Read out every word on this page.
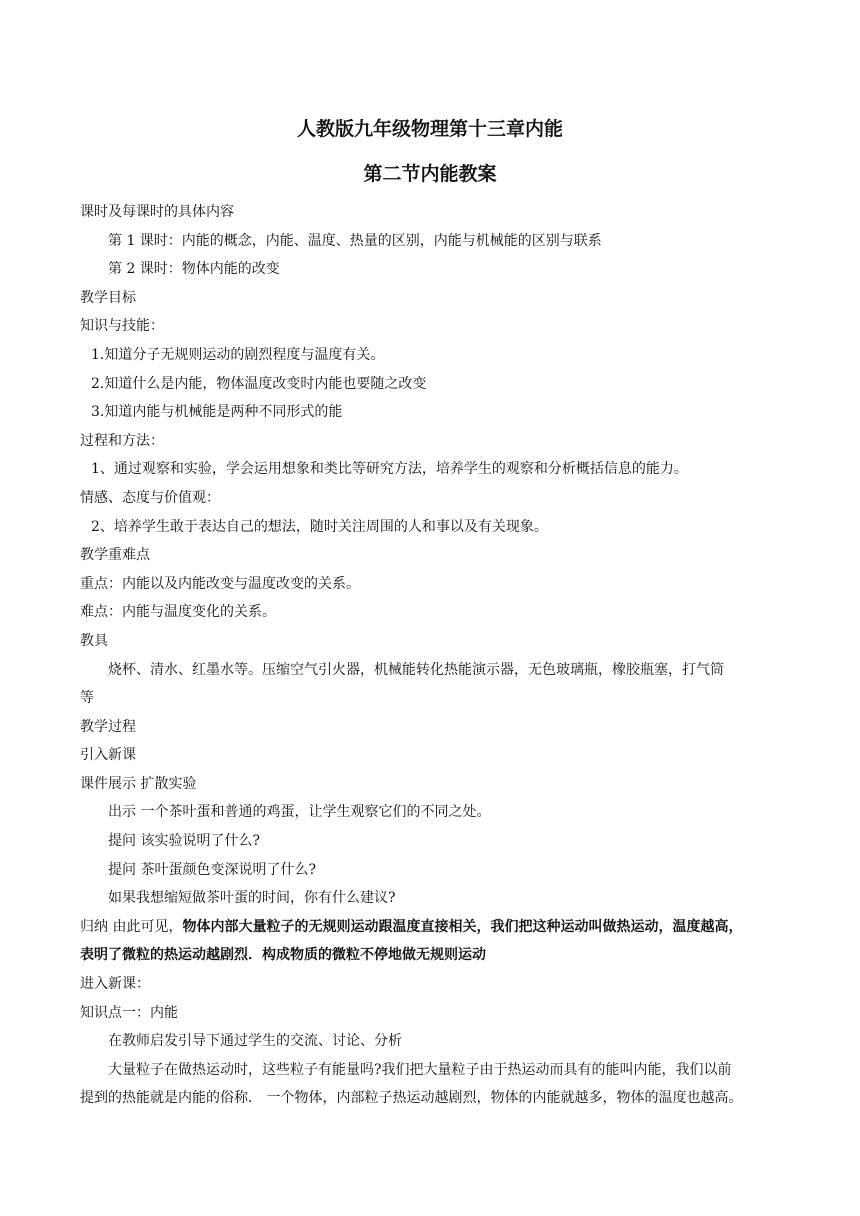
人教版九年级物理第十三章内能
第二节内能教案
课时及每课时的具体内容
第 1 课时：内能的概念，内能、温度、热量的区别，内能与机械能的区别与联系
第 2 课时：物体内能的改变
教学目标
知识与技能：
1.知道分子无规则运动的剧烈程度与温度有关。
2.知道什么是内能，物体温度改变时内能也要随之改变
3.知道内能与机械能是两种不同形式的能
过程和方法：
1、通过观察和实验，学会运用想象和类比等研究方法，培养学生的观察和分析概括信息的能力。
情感、态度与价值观：
2、培养学生敢于表达自己的想法，随时关注周围的人和事以及有关现象。
教学重难点
重点：内能以及内能改变与温度改变的关系。
难点：内能与温度变化的关系。
教具
烧杯、清水、红墨水等。压缩空气引火器，机械能转化热能演示器，无色玻璃瓶，橡胶瓶塞，打气筒
等
教学过程
引入新课
课件展示 扩散实验
出示 一个茶叶蛋和普通的鸡蛋，让学生观察它们的不同之处。
提问 该实验说明了什么?
提问 茶叶蛋颜色变深说明了什么?
如果我想缩短做茶叶蛋的时间，你有什么建议?
归纳 由此可见，物体内部大量粒子的无规则运动跟温度直接相关，我们把这种运动叫做热运动，温度越高，
表明了微粒的热运动越剧烈．构成物质的微粒不停地做无规则运动
进入新课：
知识点一：内能
在教师启发引导下通过学生的交流、讨论、分析
大量粒子在做热运动时，这些粒子有能量吗?我们把大量粒子由于热运动而具有的能叫内能，我们以前
提到的热能就是内能的俗称． 一个物体，内部粒子热运动越剧烈，物体的内能就越多，物体的温度也越高。
